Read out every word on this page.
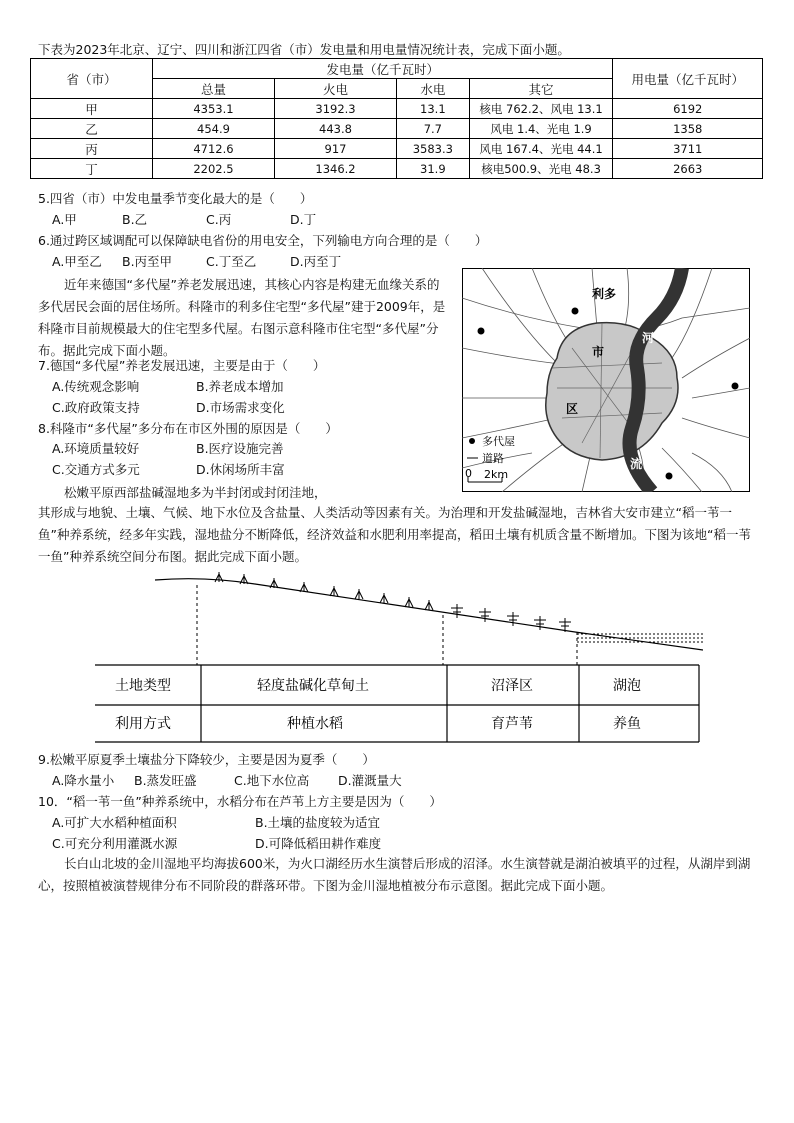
下表为2023年北京、辽宁、四川和浙江四省（市）发电量和用电量情况统计表，完成下面小题。
省（市）	发电量（亿千瓦时）				用电量（亿千瓦时）
	总量	火电	水电	其它	
甲	4353.1	3192.3	13.1	核电 762.2、风电 13.1	6192
乙	454.9	443.8	7.7	风电 1.4、光电 1.9	1358
丙	4712.6	917	3583.3	风电 167.4、光电 44.1	3711
丁	2202.5	1346.2	31.9	核电500.9、光电 48.3	2663
5.四省（市）中发电量季节变化最大的是（　　）
A.甲	B.乙	C.丙	D.丁
6.通过跨区域调配可以保障缺电省份的用电安全，下列输电方向合理的是（　　）
A.甲至乙 B.丙至甲	C.丁至乙	D.丙至丁
近年来德国“多代屋”养老发展迅速，其核心内容是构建无血缘关系的多代居民会面的居住场所。科隆市的利多住宅型“多代屋”建于2009年，是科隆市目前规模最大的住宅型多代屋。右图示意科隆市住宅型“多代屋”分布。据此完成下面小题。
7.德国“多代屋”养老发展迅速，主要是由于（　　）
A.传统观念影响	B.养老成本增加
C.政府政策支持	D.市场需求变化
8.科隆市“多代屋”多分布在市区外围的原因是（　　）
A.环境质量较好	B.医疗设施完善
C.交通方式多元	D.休闲场所丰富
市
区
河
流
利多
多代屋
道路
0 2km
松嫩平原西部盐碱湿地多为半封闭或封闭洼地，
其形成与地貌、土壤、气候、地下水位及含盐量、人类活动等因素有关。为治理和开发盐碱湿地，吉林省大安市建立“稻一苇一鱼”种养系统，经多年实践，湿地盐分不断降低，经济效益和水肥利用率提高，稻田土壤有机质含量不断增加。下图为该地“稻一苇一鱼”种养系统空间分布图。据此完成下面小题。
土地类型	轻度盐碱化草甸土	沼泽区	湖泡
利用方式	种植水稻	育芦苇	养鱼
9.松嫩平原夏季土壤盐分下降较少，主要是因为夏季（　　）
A.降水量小 B.蒸发旺盛	C.地下水位高 D.灌溉量大
10．“稻一苇一鱼”种养系统中，水稻分布在芦苇上方主要是因为（　　）
A.可扩大水稻种植面积	B.土壤的盐度较为适宜
C.可充分利用灌溉水源	D.可降低稻田耕作难度
长白山北坡的金川湿地平均海拔600米，为火口湖经历水生演替后形成的沼泽。水生演替就是湖泊被填平的过程，从湖岸到湖心，按照植被演替规律分布不同阶段的群落环带。下图为金川湿地植被分布示意图。据此完成下面小题。
